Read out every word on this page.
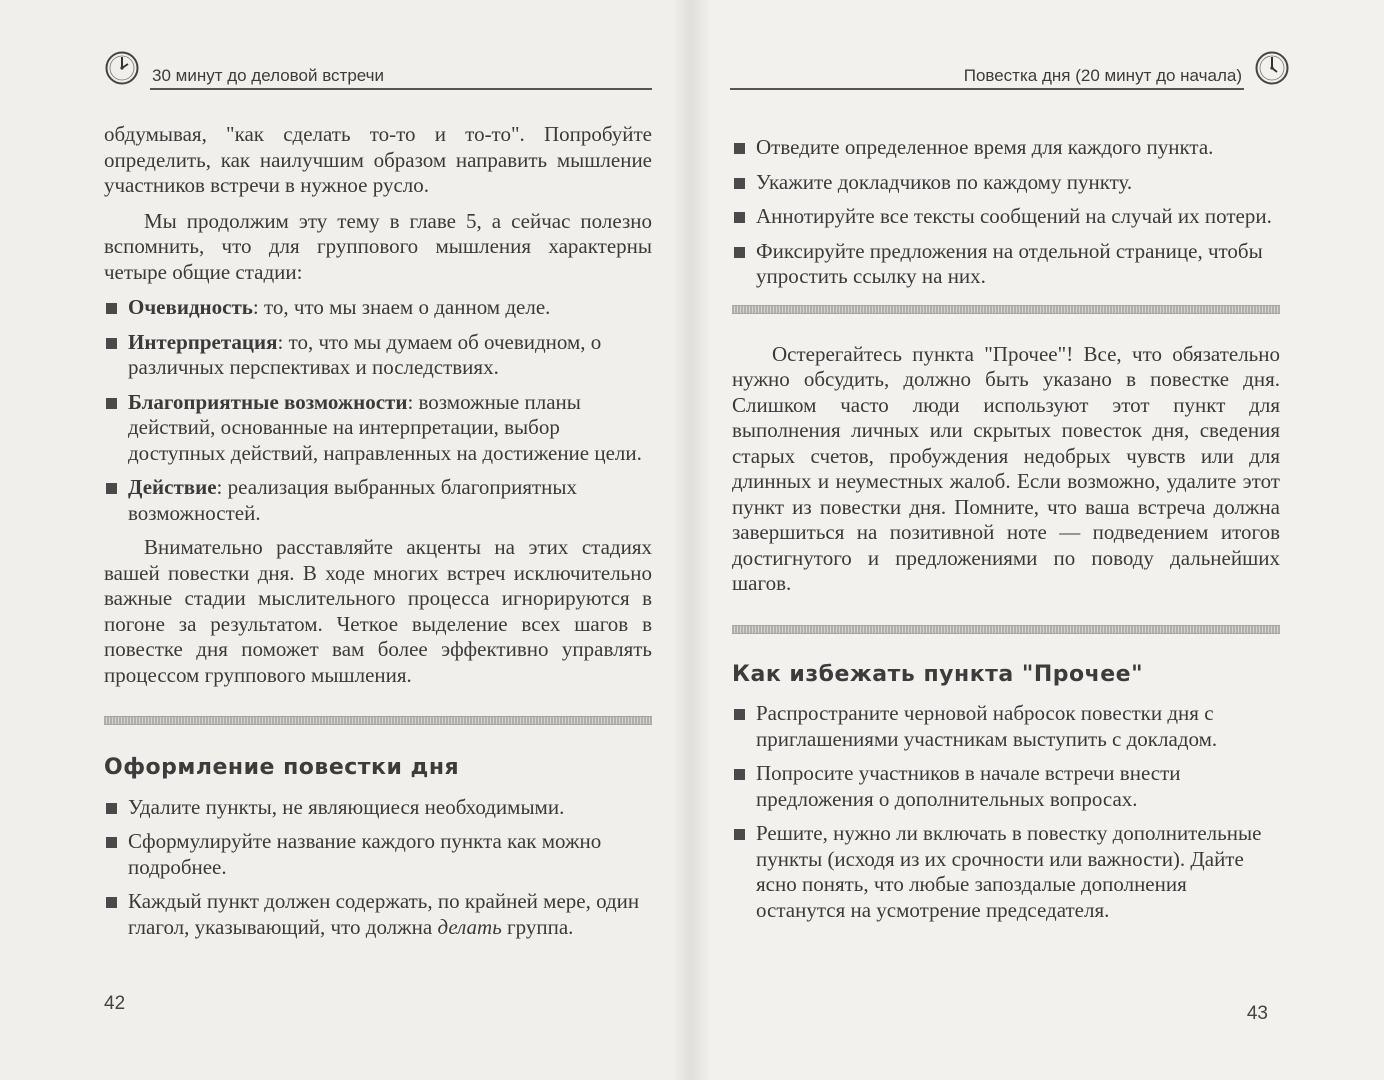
30 минут до деловой встречи

обдумывая, "как сделать то-то и то-то". Попробуйте определить, как наилучшим образом направить мышление участников встречи в нужное русло.

Мы продолжим эту тему в главе 5, а сейчас полезно вспомнить, что для группового мышления характерны четыре общие стадии:

Очевидность: то, что мы знаем о данном деле.
Интерпретация: то, что мы думаем об очевидном, о различных перспективах и последствиях.
Благоприятные возможности: возможные планы действий, основанные на интерпретации, выбор доступных действий, направленных на достижение цели.
Действие: реализация выбранных благоприятных возможностей.

Внимательно расставляйте акценты на этих стадиях вашей повестки дня. В ходе многих встреч исключительно важные стадии мыслительного процесса игнорируются в погоне за результатом. Четкое выделение всех шагов в повестке дня поможет вам более эффективно управлять процессом группового мышления.

Оформление повестки дня
Удалите пункты, не являющиеся необходимыми.
Сформулируйте название каждого пункта как можно подробнее.
Каждый пункт должен содержать, по крайней мере, один глагол, указывающий, что должна делать группа.
42
Повестка дня (20 минут до начала)
Отведите определенное время для каждого пункта.
Укажите докладчиков по каждому пункту.
Аннотируйте все тексты сообщений на случай их потери.
Фиксируйте предложения на отдельной странице, чтобы упростить ссылку на них.

Остерегайтесь пункта "Прочее"! Все, что обязательно нужно обсудить, должно быть указано в повестке дня. Слишком часто люди используют этот пункт для выполнения личных или скрытых повесток дня, сведения старых счетов, пробуждения недобрых чувств или для длинных и неуместных жалоб. Если возможно, удалите этот пункт из повестки дня. Помните, что ваша встреча должна завершиться на позитивной ноте — подведением итогов достигнутого и предложениями по поводу дальнейших шагов.

Как избежать пункта "Прочее"
Распространите черновой набросок повестки дня с приглашениями участникам выступить с докладом.
Попросите участников в начале встречи внести предложения о дополнительных вопросах.
Решите, нужно ли включать в повестку дополнительные пункты (исходя из их срочности или важности). Дайте ясно понять, что любые запоздалые дополнения останутся на усмотрение председателя.
43
